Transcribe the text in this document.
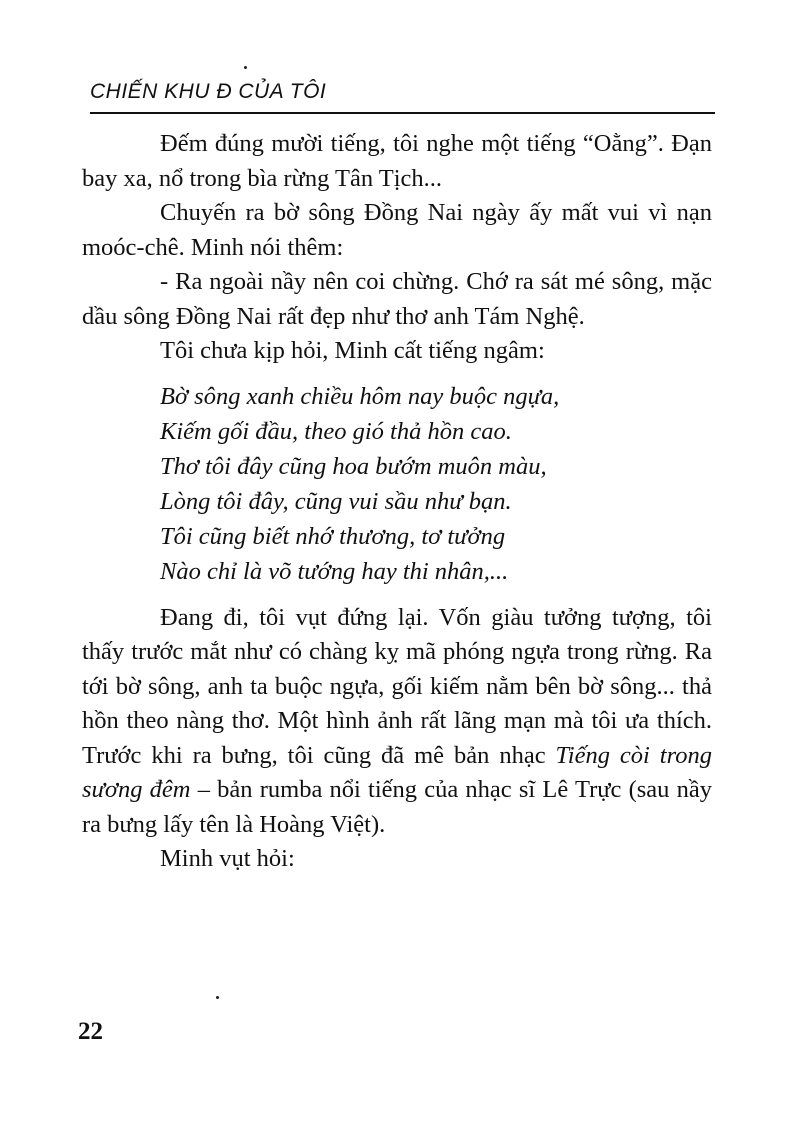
CHIẾN KHU Đ CỦA TÔI

Đếm đúng mười tiếng, tôi nghe một tiếng “Oằng”. Đạn bay xa, nổ trong bìa rừng Tân Tịch...

Chuyến ra bờ sông Đồng Nai ngày ấy mất vui vì nạn moóc-chê. Minh nói thêm:

- Ra ngoài nầy nên coi chừng. Chớ ra sát mé sông, mặc dầu sông Đồng Nai rất đẹp như thơ anh Tám Nghệ.

Tôi chưa kịp hỏi, Minh cất tiếng ngâm:

Bờ sông xanh chiều hôm nay buộc ngựa,
Kiếm gối đầu, theo gió thả hồn cao.
Thơ tôi đây cũng hoa bướm muôn màu,
Lòng tôi đây, cũng vui sầu như bạn.
Tôi cũng biết nhớ thương, tơ tưởng
Nào chỉ là võ tướng hay thi nhân,...

Đang đi, tôi vụt đứng lại. Vốn giàu tưởng tượng, tôi thấy trước mắt như có chàng kỵ mã phóng ngựa trong rừng. Ra tới bờ sông, anh ta buộc ngựa, gối kiếm nằm bên bờ sông... thả hồn theo nàng thơ. Một hình ảnh rất lãng mạn mà tôi ưa thích. Trước khi ra bưng, tôi cũng đã mê bản nhạc Tiếng còi trong sương đêm – bản rumba nổi tiếng của nhạc sĩ Lê Trực (sau nầy ra bưng lấy tên là Hoàng Việt).

Minh vụt hỏi:

22
